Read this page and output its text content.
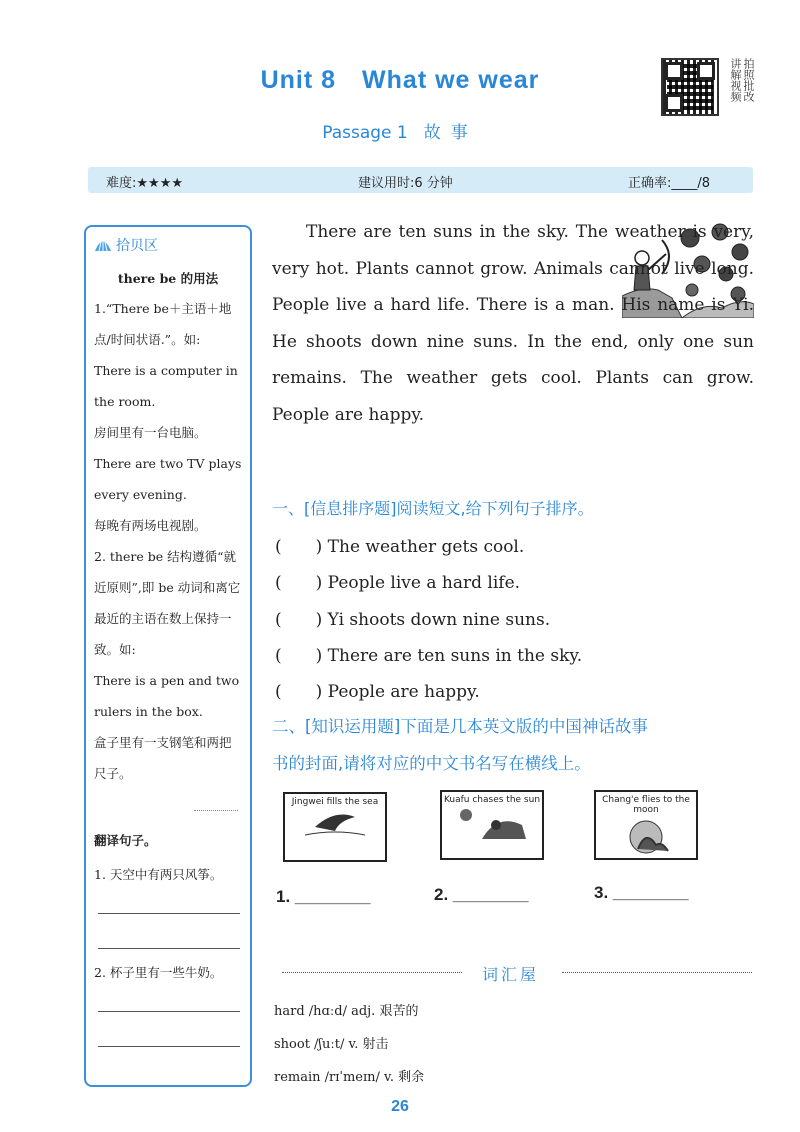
Unit 8　What we wear
Passage 1 故事
拍照批改 讲解视频
难度:★★★★	建议用时:6 分钟	正确率:____/8
拾贝区
there be 的用法
1.“There be＋主语＋地点/时间状语.”。如:
There is a computer in the room.
房间里有一台电脑。
There are two TV plays every evening.
每晚有两场电视剧。
2. there be 结构遵循“就近原则”,即 be 动词和离它最近的主语在数上保持一致。如:
There is a pen and two rulers in the box.
盒子里有一支钢笔和两把尺子。
翻译句子。
1. 天空中有两只风筝。
2. 杯子里有一些牛奶。
There are ten suns in the sky. The weather is very, very hot. Plants cannot grow. Animals cannot live long. People live a hard life. There is a man. His name is Yi. He shoots down nine suns. In the end, only one sun remains. The weather gets cool. Plants can grow. People are happy.
一、[信息排序题]阅读短文,给下列句子排序。
(　　) The weather gets cool.
(　　) People live a hard life.
(　　) Yi shoots down nine suns.
(　　) There are ten suns in the sky.
(　　) People are happy.
二、[知识运用题]下面是几本英文版的中国神话故事
书的封面,请将对应的中文书名写在横线上。
Jingwei fills the sea	Kuafu chases the sun	Chang'e flies to the moon
1. ________	2. ________	3. ________
词汇屋
hard /hɑːd/ adj. 艰苦的
shoot /ʃuːt/ v. 射击
remain /rɪˈmeɪn/ v. 剩余
26
